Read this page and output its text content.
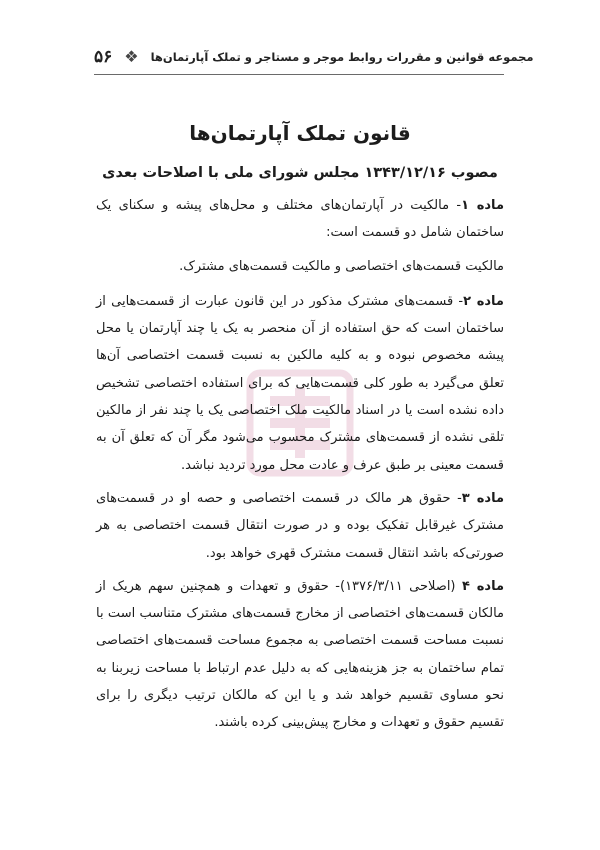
۵۶ ❖ مجموعه قوانین و مقررات روابط موجر و مستاجر و تملک آپارتمان‌ها
قانون تملک آپارتمان‌ها
مصوب ۱۳۴۳/۱۲/۱۶ مجلس شورای ملی با اصلاحات بعدی

ماده ۱- مالکیت در آپارتمان‌های مختلف و محل‌های پیشه و سکنای یک ساختمان شامل دو قسمت است:

مالکیت قسمت‌های اختصاصی و مالکیت قسمت‌های مشترک.

ماده ۲- قسمت‌های مشترک مذکور در این قانون عبارت از قسمت‌هایی از ساختمان است که حق استفاده از آن منحصر به یک یا چند آپارتمان یا محل پیشه مخصوص نبوده و به کلیه مالکین به نسبت قسمت اختصاصی آن‌ها تعلق می‌گیرد به طور کلی قسمت‌هایی که برای استفاده اختصاصی تشخیص داده نشده است یا در اسناد مالکیت ملک اختصاصی یک یا چند نفر از مالکین تلقی نشده از قسمت‌های مشترک محسوب می‌شود مگر آن که تعلق آن به قسمت معینی بر طبق عرف و عادت محل مورد تردید نباشد.

ماده ۳- حقوق هر مالک در قسمت اختصاصی و حصه او در قسمت‌های مشترک غیرقابل تفکیک بوده و در صورت انتقال قسمت اختصاصی به هر صورتی‌که باشد انتقال قسمت مشترک قهری خواهد بود.

ماده ۴ (اصلاحی ۱۳۷۶/۳/۱۱)- حقوق و تعهدات و همچنین سهم هریک از مالکان قسمت‌های اختصاصی از مخارج قسمت‌های مشترک متناسب است با نسبت مساحت قسمت اختصاصی به مجموع مساحت قسمت‌های اختصاصی تمام ساختمان به جز هزینه‌هایی که به دلیل عدم ارتباط با مساحت زیربنا به نحو مساوی تقسیم خواهد شد و یا این که مالکان ترتیب دیگری را برای تقسیم حقوق و تعهدات و مخارج پیش‌بینی کرده باشند.
